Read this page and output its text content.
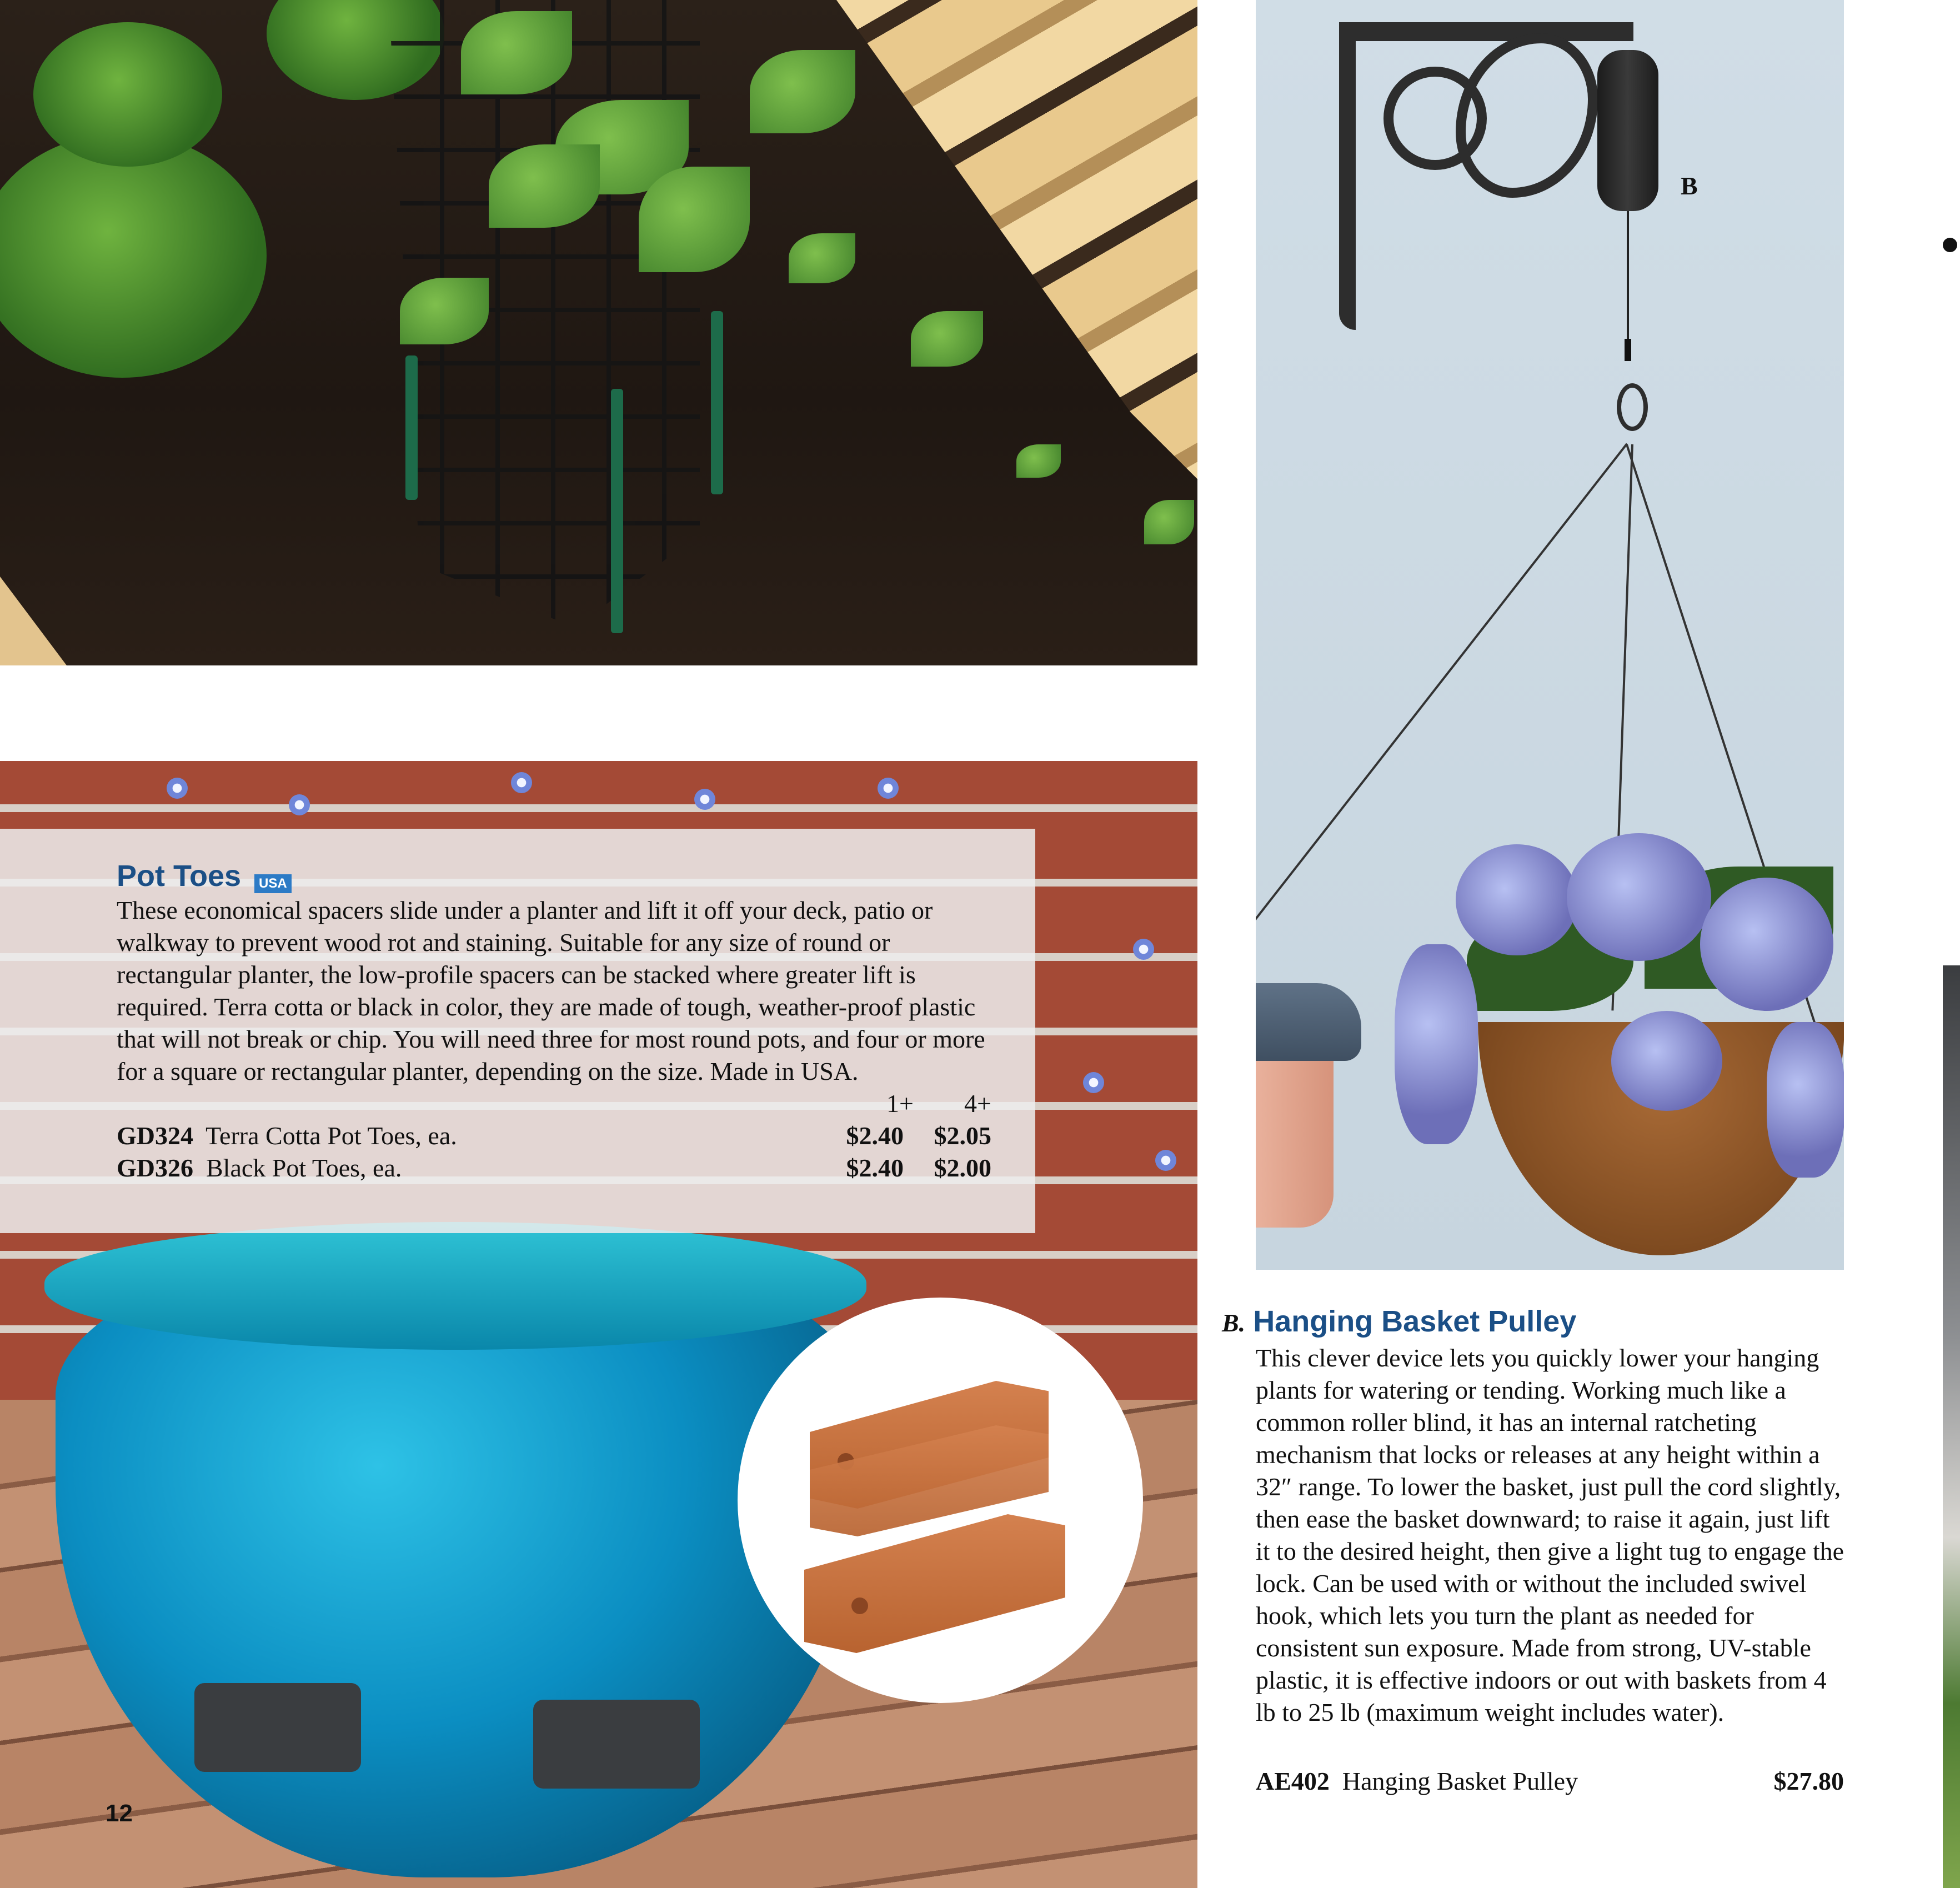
Pot Toes USA

These economical spacers slide under a planter and lift it off your deck, patio or walkway to prevent wood rot and staining. Suitable for any size of round or rectangular planter, the low-profile spacers can be stacked where greater lift is required. Terra cotta or black in color, they are made of tough, weather-proof plastic that will not break or chip. You will need three for most round pots, and four or more for a square or rectangular planter, depending on the size. Made in USA.

1+ 4+
GD324 Terra Cotta Pot Toes, ea.	$2.40 $2.05
GD326 Black Pot Toes, ea.	$2.40 $2.00
B
B. Hanging Basket Pulley

This clever device lets you quickly lower your hanging plants for watering or tending. Working much like a common roller blind, it has an internal ratcheting mechanism that locks or releases at any height within a 32″ range. To lower the basket, just pull the cord slightly, then ease the basket downward; to raise it again, just lift it to the desired height, then give a light tug to engage the lock. Can be used with or without the included swivel hook, which lets you turn the plant as needed for consistent sun exposure. Made from strong, UV-stable plastic, it is effective indoors or out with baskets from 4 lb to 25 lb (maximum weight includes water).

AE402 Hanging Basket Pulley	$27.80
12
